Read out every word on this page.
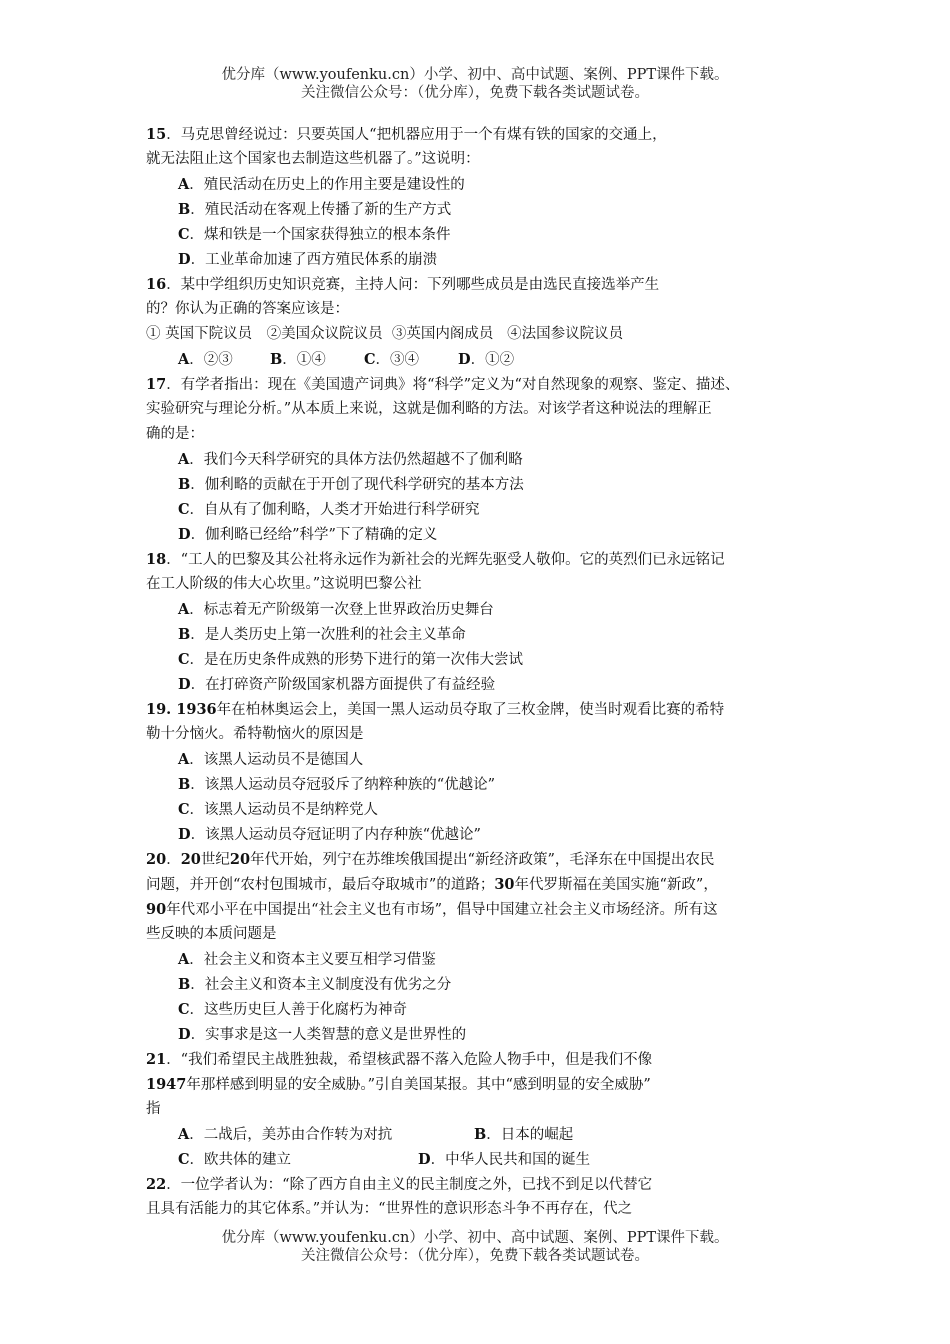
优分库（www.youfenku.cn）小学、初中、高中试题、案例、PPT课件下载。
关注微信公众号：（优分库），免费下载各类试题试卷。
15．马克思曾经说过：只要英国人“把机器应用于一个有煤有铁的国家的交通上，
就无法阻止这个国家也去制造这些机器了。”这说明：
A．殖民活动在历史上的作用主要是建设性的
B．殖民活动在客观上传播了新的生产方式
C．煤和铁是一个国家获得独立的根本条件
D．工业革命加速了西方殖民体系的崩溃
16．某中学组织历史知识竞赛，主持人问：下列哪些成员是由选民直接选举产生
的？你认为正确的答案应该是：
① 英国下院议员　②美国众议院议员  ③英国内阁成员   ④法国参议院议员
A．②③	B．①④	C．③④	D．①②
17．有学者指出：现在《美国遗产词典》将“科学”定义为“对自然现象的观察、鉴定、描述、
实验研究与理论分析。”从本质上来说，这就是伽利略的方法。对该学者这种说法的理解正
确的是：
A．我们今天科学研究的具体方法仍然超越不了伽利略
B．伽利略的贡献在于开创了现代科学研究的基本方法
C．自从有了伽利略，人类才开始进行科学研究
D．伽利略已经给”科学”下了精确的定义
18．“工人的巴黎及其公社将永远作为新社会的光辉先驱受人敬仰。它的英烈们已永远铭记
在工人阶级的伟大心坎里。”这说明巴黎公社
A．标志着无产阶级第一次登上世界政治历史舞台
B．是人类历史上第一次胜利的社会主义革命
C．是在历史条件成熟的形势下进行的第一次伟大尝试
D．在打碎资产阶级国家机器方面提供了有益经验
19. 1936年在柏林奥运会上，美国一黑人运动员夺取了三枚金牌，使当时观看比赛的希特
勒十分恼火。希特勒恼火的原因是
A．该黑人运动员不是德国人
B．该黑人运动员夺冠驳斥了纳粹种族的“优越论”
C．该黑人运动员不是纳粹党人
D．该黑人运动员夺冠证明了内存种族“优越论”
20．20世纪20年代开始，列宁在苏维埃俄国提出“新经济政策”，毛泽东在中国提出农民
问题，并开创“农村包围城市，最后夺取城市”的道路；30年代罗斯福在美国实施“新政”，
90年代邓小平在中国提出“社会主义也有市场”，倡导中国建立社会主义市场经济。所有这
些反映的本质问题是
A．社会主义和资本主义要互相学习借鉴
B．社会主义和资本主义制度没有优劣之分
C．这些历史巨人善于化腐朽为神奇
D．实事求是这一人类智慧的意义是世界性的
21．“我们希望民主战胜独裁，希望核武器不落入危险人物手中，但是我们不像
1947年那样感到明显的安全威胁。”引自美国某报。其中“感到明显的安全威胁”
指
A．二战后，美苏由合作转为对抗	B．日本的崛起
C．欧共体的建立	D．中华人民共和国的诞生
22．一位学者认为：“除了西方自由主义的民主制度之外，已找不到足以代替它
且具有活能力的其它体系。”并认为：“世界性的意识形态斗争不再存在，代之
优分库（www.youfenku.cn）小学、初中、高中试题、案例、PPT课件下载。
关注微信公众号：（优分库），免费下载各类试题试卷。
